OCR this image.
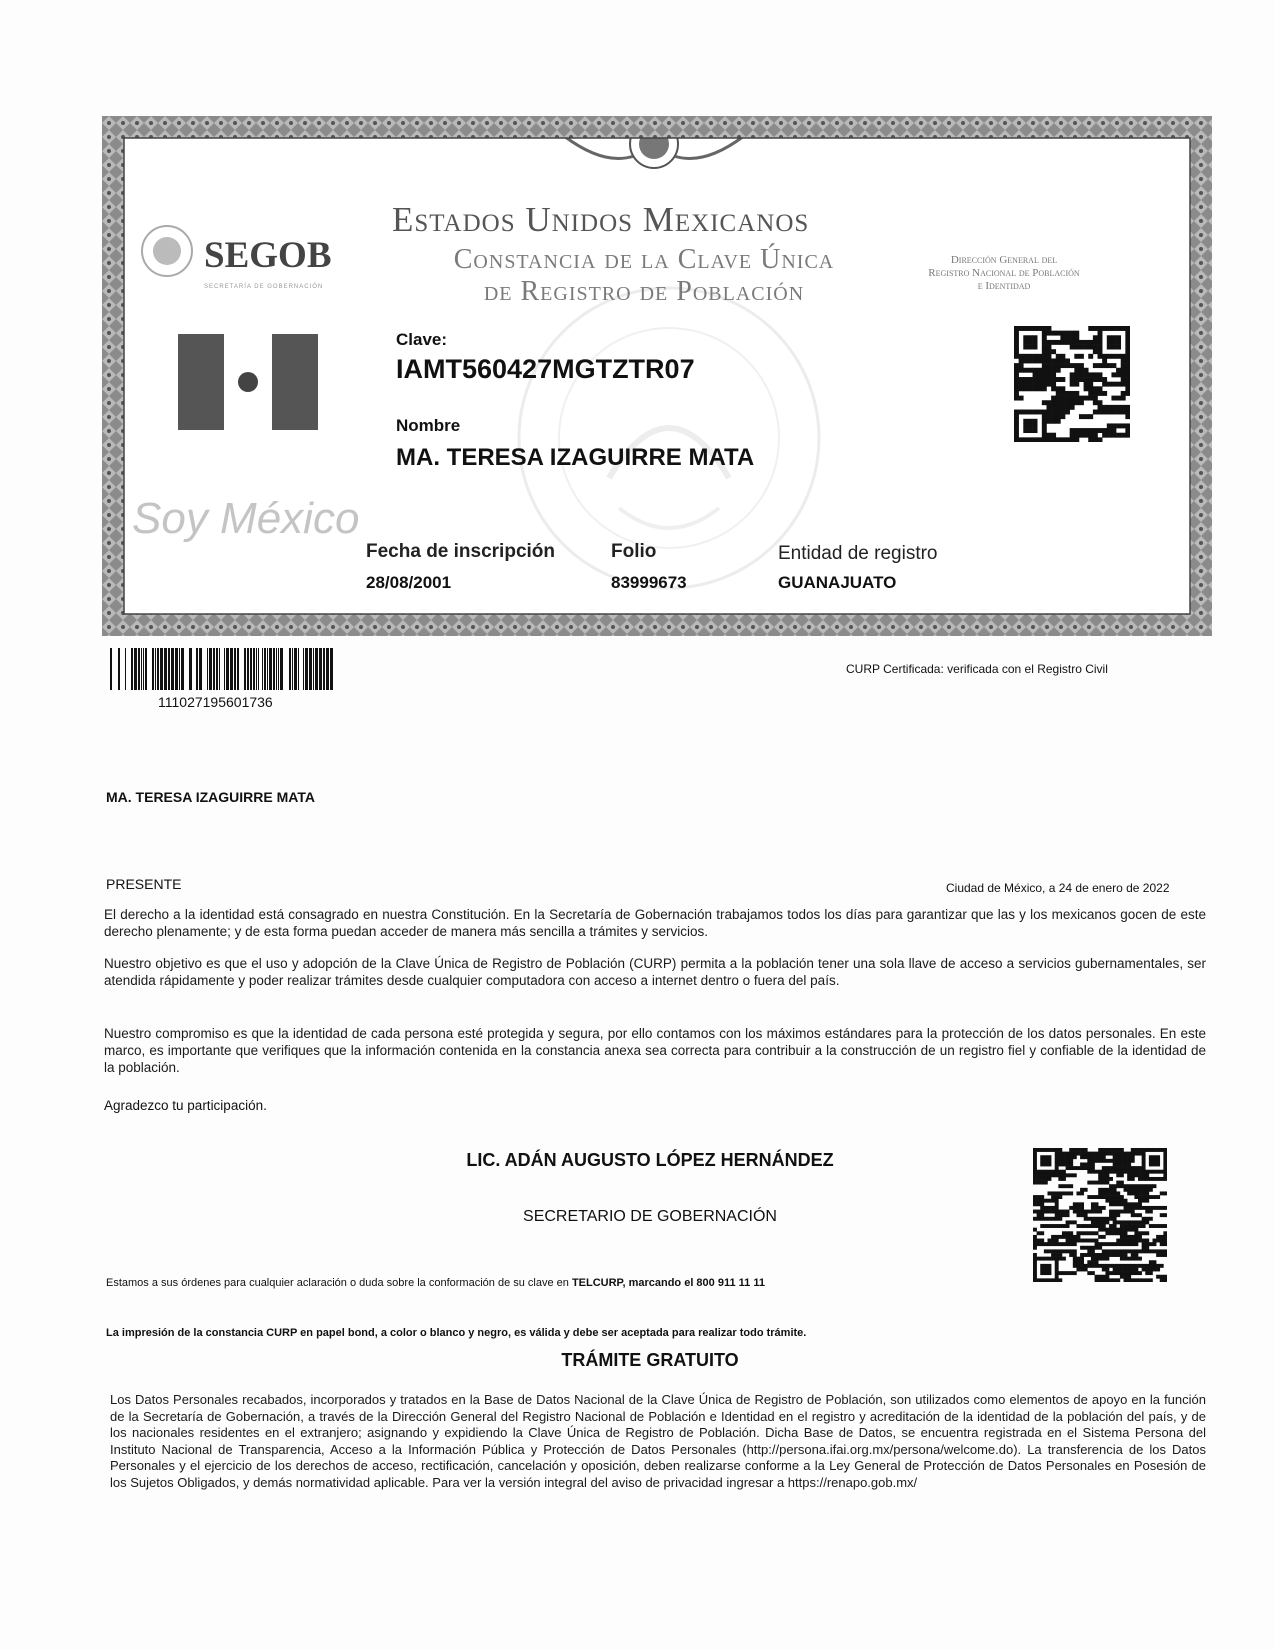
SEGOB
SECRETARÍA DE GOBERNACIÓN
Estados Unidos Mexicanos
Constancia de la Clave Única
de Registro de Población
Dirección General del
Registro Nacional de Población
e Identidad
Soy México
Clave:
IAMT560427MGTZTR07
Nombre
MA. TERESA IZAGUIRRE MATA
Fecha de inscripción
28/08/2001
Folio
83999673
Entidad de registro
GUANAJUATO
111027195601736
CURP Certificada: verificada con el Registro Civil
MA. TERESA IZAGUIRRE MATA
PRESENTE	Ciudad de México, a 24 de enero de 2022
El derecho a la identidad está consagrado en nuestra Constitución. En la Secretaría de Gobernación trabajamos todos los días para garantizar que las y los mexicanos gocen de este derecho plenamente; y de esta forma puedan acceder de manera más sencilla a trámites y servicios.
Nuestro objetivo es que el uso y adopción de la Clave Única de Registro de Población (CURP) permita a la población tener una sola llave de acceso a servicios gubernamentales, ser atendida rápidamente y poder realizar trámites desde cualquier computadora con acceso a internet dentro o fuera del país.
Nuestro compromiso es que la identidad de cada persona esté protegida y segura, por ello contamos con los máximos estándares para la protección de los datos personales. En este marco, es importante que verifiques que la información contenida en la constancia anexa sea correcta para contribuir a la construcción de un registro fiel y confiable de la identidad de la población.
Agradezco tu participación.
LIC. ADÁN AUGUSTO LÓPEZ HERNÁNDEZ
SECRETARIO DE GOBERNACIÓN
Estamos a sus órdenes para cualquier aclaración o duda sobre la conformación de su clave en TELCURP, marcando el 800 911 11 11
La impresión de la constancia CURP en papel bond, a color o blanco y negro, es válida y debe ser aceptada para realizar todo trámite.
TRÁMITE GRATUITO
Los Datos Personales recabados, incorporados y tratados en la Base de Datos Nacional de la Clave Única de Registro de Población, son utilizados como elementos de apoyo en la función de la Secretaría de Gobernación, a través de la Dirección General del Registro Nacional de Población e Identidad en el registro y acreditación de la identidad de la población del país, y de los nacionales residentes en el extranjero; asignando y expidiendo la Clave Única de Registro de Población. Dicha Base de Datos, se encuentra registrada en el Sistema Persona del Instituto Nacional de Transparencia, Acceso a la Información Pública y Protección de Datos Personales (http://persona.ifai.org.mx/persona/welcome.do). La transferencia de los Datos Personales y el ejercicio de los derechos de acceso, rectificación, cancelación y oposición, deben realizarse conforme a la Ley General de Protección de Datos Personales en Posesión de los Sujetos Obligados, y demás normatividad aplicable. Para ver la versión integral del aviso de privacidad ingresar a https://renapo.gob.mx/
